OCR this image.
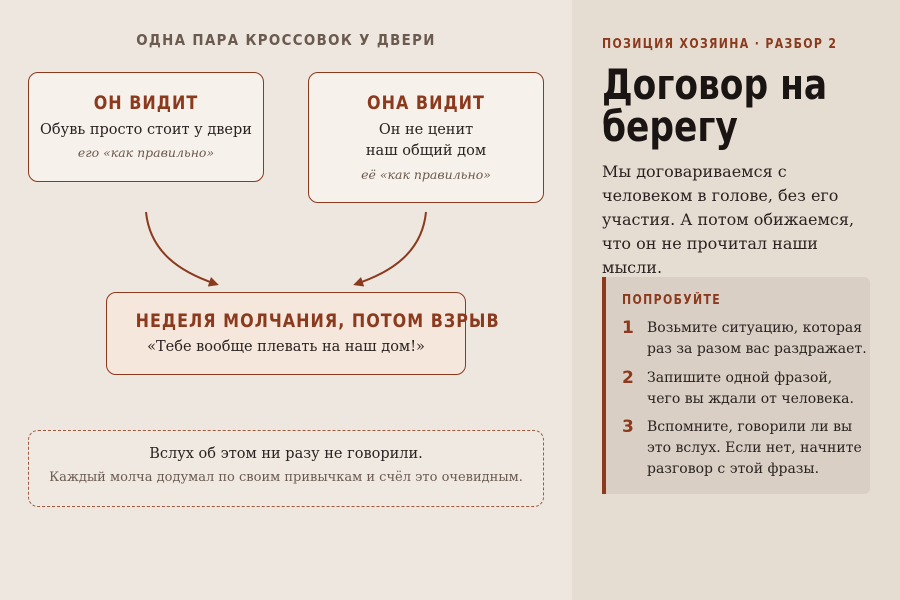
ОДНА ПАРА КРОССОВОК У ДВЕРИ
ОН ВИДИТ
Обувь просто стоит у двери
его «как правильно»
ОНА ВИДИТ
Он не ценит
наш общий дом
её «как правильно»
НЕДЕЛЯ МОЛЧАНИЯ, ПОТОМ ВЗРЫВ
«Тебе вообще плевать на наш дом!»
Вслух об этом ни разу не говорили.
Каждый молча додумал по своим привычкам и счёл это очевидным.
ПОЗИЦИЯ ХОЗЯИНА · РАЗБОР 2
Договор на
берегу
Мы договариваемся с человеком в голове, без его участия. А потом обижаемся, что он не прочитал наши мысли.
ПОПРОБУЙТЕ
1 Возьмите ситуацию, которая раз за разом вас раздражает.
2 Запишите одной фразой, чего вы ждали от человека.
3 Вспомните, говорили ли вы это вслух. Если нет, начните разговор с этой фразы.
